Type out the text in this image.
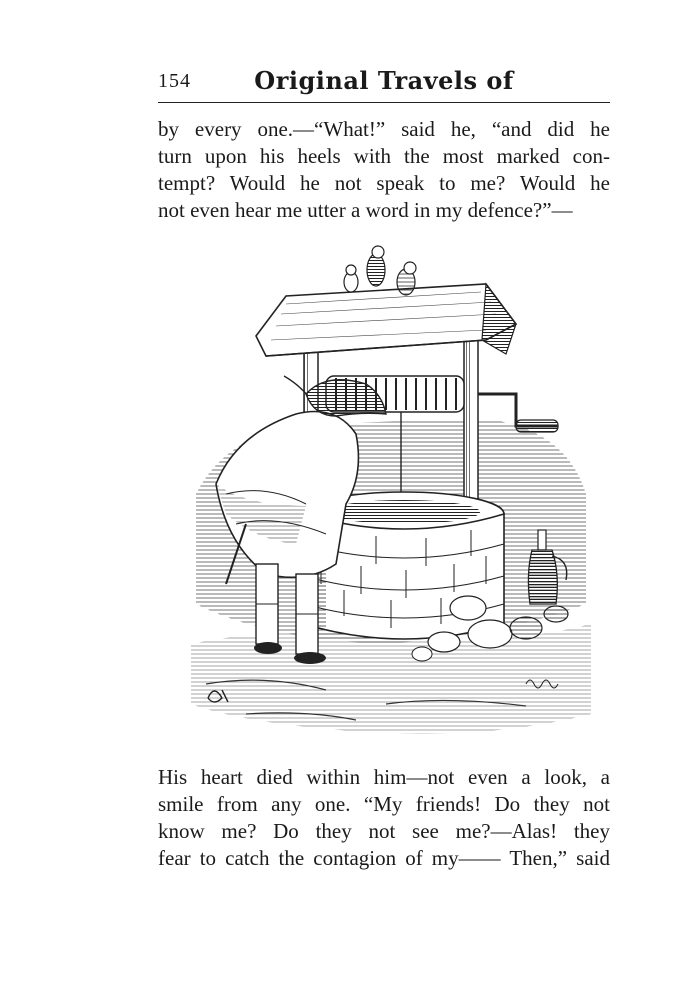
154	Original Travels of
by every one.—“What!” said he, “and did he
turn upon his heels with the most marked con-
tempt? Would he not speak to me? Would he
not even hear me utter a word in my defence?”—
His heart died within him—not even a look, a
smile from any one. “My friends! Do they not
know me? Do they not see me?—Alas! they
fear to catch the contagion of my—— Then,” said
